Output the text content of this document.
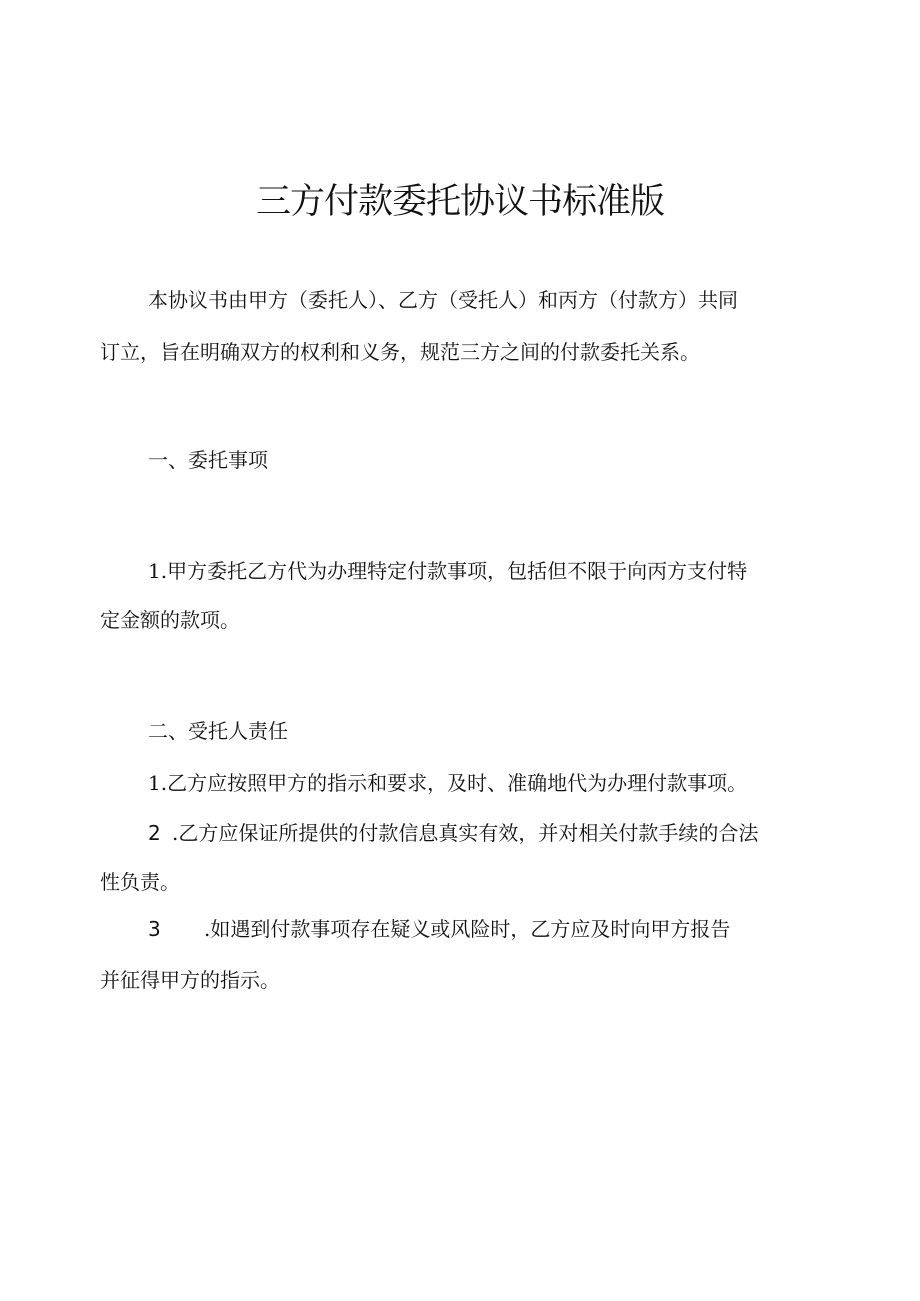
三方付款委托协议书标准版

本协议书由甲方（委托人）、乙方（受托人）和丙方（付款方）共同

订立，旨在明确双方的权利和义务，规范三方之间的付款委托关系。

一、委托事项

1.甲方委托乙方代为办理特定付款事项，包括但不限于向丙方支付特

定金额的款项。

二、受托人责任

1.乙方应按照甲方的指示和要求，及时、准确地代为办理付款事项。

2 .乙方应保证所提供的付款信息真实有效，并对相关付款手续的合法

性负责。

3 .如遇到付款事项存在疑义或风险时，乙方应及时向甲方报告

并征得甲方的指示。
